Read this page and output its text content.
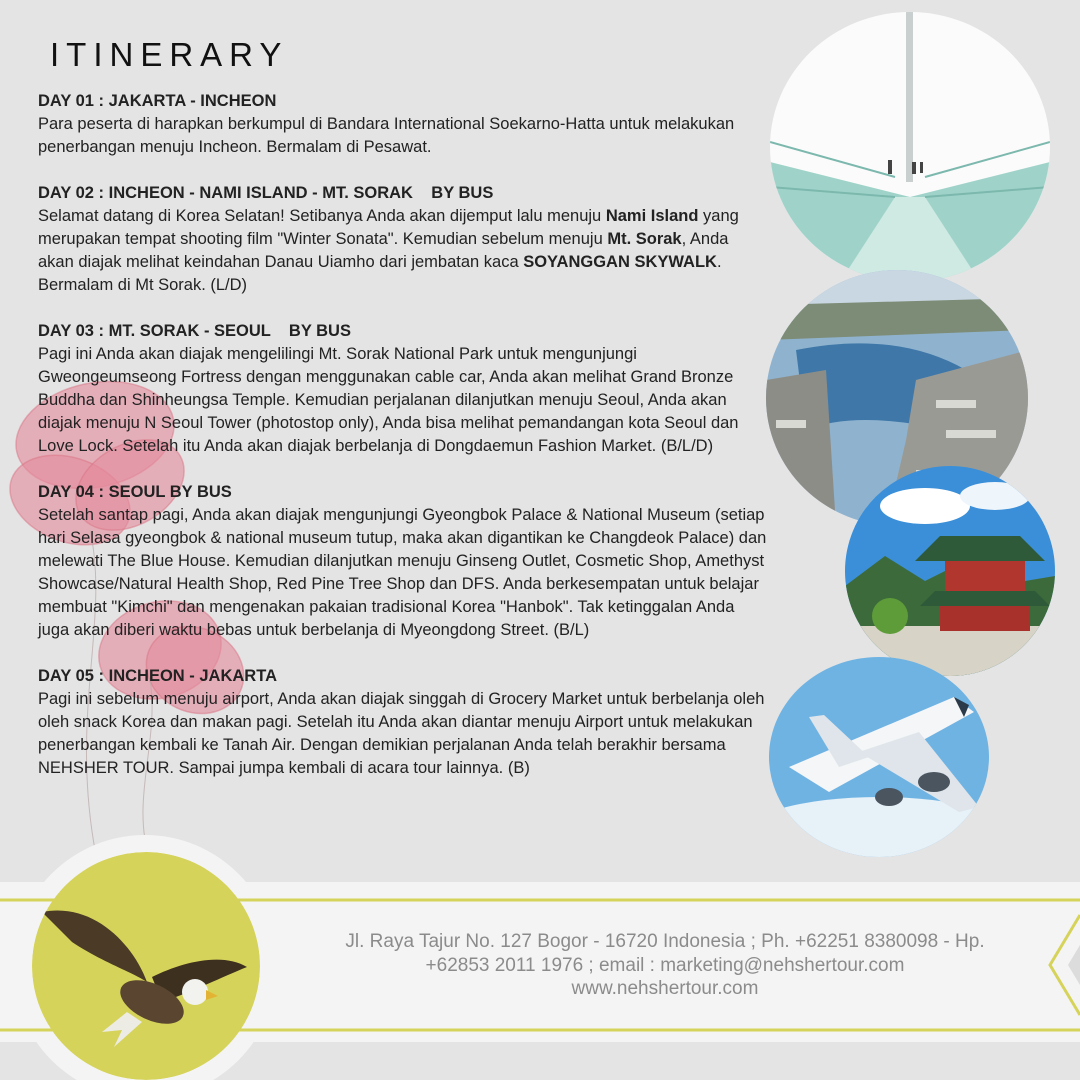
ITINERARY
DAY 01 : JAKARTA - INCHEON

Para peserta di harapkan berkumpul di Bandara International Soekarno-Hatta untuk melakukan penerbangan menuju Incheon. Bermalam di Pesawat.

DAY 02 : INCHEON - NAMI ISLAND - MT. SORAK    BY BUS

Selamat datang di Korea Selatan! Setibanya Anda akan dijemput lalu menuju Nami Island yang merupakan tempat shooting film "Winter Sonata". Kemudian sebelum menuju Mt. Sorak, Anda akan diajak melihat keindahan Danau Uiamho dari jembatan kaca SOYANGGAN SKYWALK. Bermalam di Mt Sorak. (L/D)

DAY 03 : MT. SORAK - SEOUL    BY BUS

Pagi ini Anda akan diajak mengelilingi Mt. Sorak National Park untuk mengunjungi Gweongeumseong Fortress dengan menggunakan cable car, Anda akan melihat Grand Bronze Buddha dan Shinheungsa Temple. Kemudian perjalanan dilanjutkan menuju Seoul, Anda akan diajak menuju N Seoul Tower (photostop only), Anda bisa melihat pemandangan kota Seoul dan Love Lock. Setelah itu Anda akan diajak berbelanja di Dongdaemun Fashion Market. (B/L/D)

DAY 04 : SEOUL BY BUS

Setelah santap pagi, Anda akan diajak mengunjungi Gyeongbok Palace & National Museum (setiap hari Selasa gyeongbok & national museum tutup, maka akan digantikan ke Changdeok Palace) dan melewati The Blue House. Kemudian dilanjutkan menuju Ginseng Outlet, Cosmetic Shop, Amethyst Showcase/Natural Health Shop, Red Pine Tree Shop dan DFS. Anda berkesempatan untuk belajar membuat "Kimchi" dan mengenakan pakaian tradisional Korea "Hanbok". Tak ketinggalan Anda juga akan diberi waktu bebas untuk berbelanja di Myeongdong Street. (B/L)

DAY 05 : INCHEON - JAKARTA

Pagi ini sebelum menuju airport, Anda akan diajak singgah di Grocery Market untuk berbelanja oleh oleh snack Korea dan makan pagi. Setelah itu Anda akan diantar menuju Airport untuk melakukan penerbangan kembali ke Tanah Air. Dengan demikian perjalanan Anda telah berakhir bersama NEHSHER TOUR. Sampai jumpa kembali di acara tour lainnya. (B)

Jl. Raya Tajur No. 127 Bogor - 16720 Indonesia ; Ph. +62251 8380098 - Hp.
+62853 2011 1976 ; email : marketing@nehshertour.com
www.nehshertour.com
